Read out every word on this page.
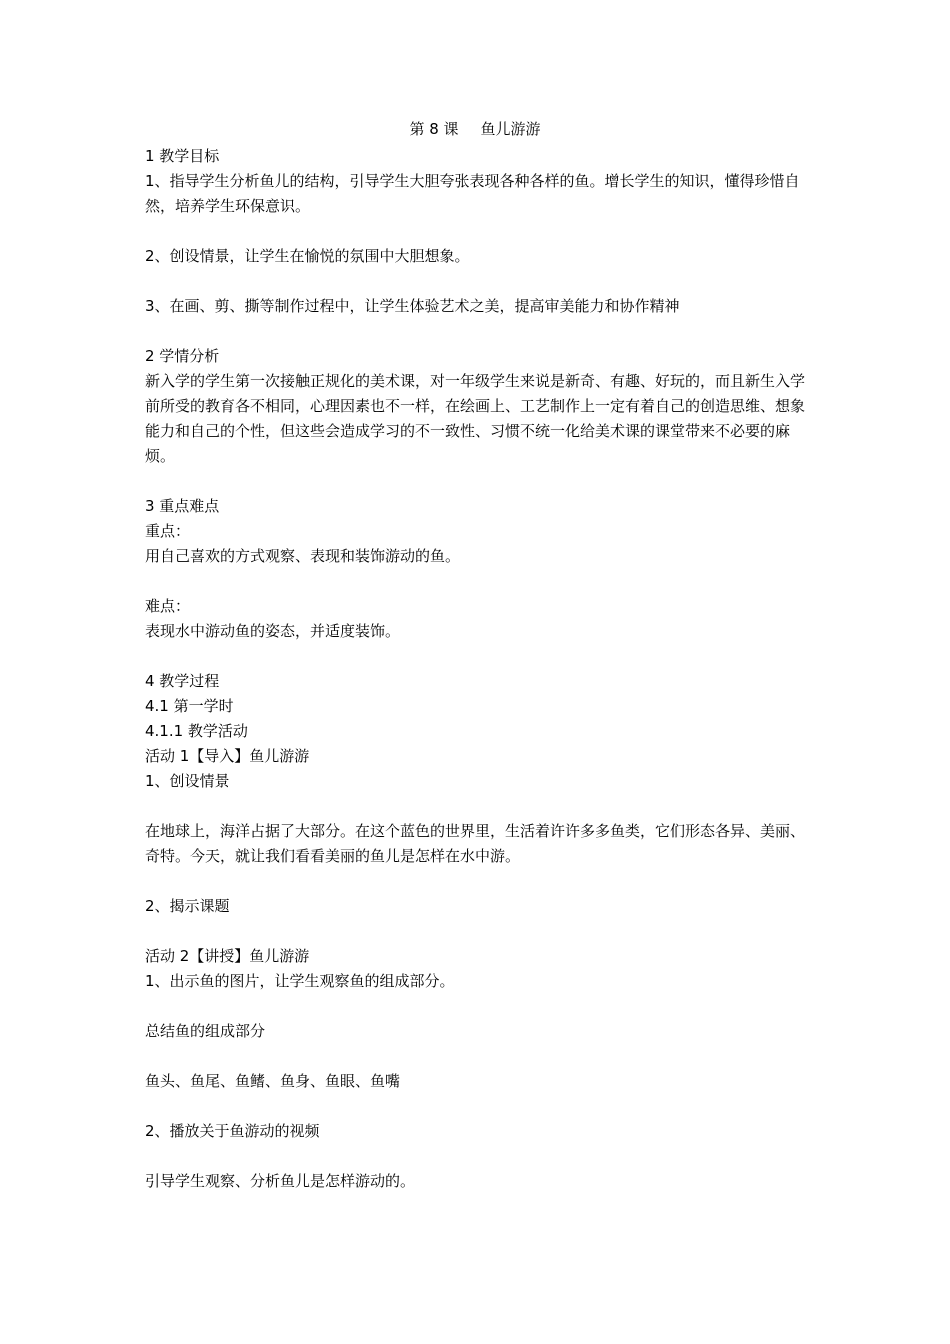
第 8 课 鱼儿游游

1 教学目标

1、指导学生分析鱼儿的结构，引导学生大胆夸张表现各种各样的鱼。增长学生的知识，懂得珍惜自然，培养学生环保意识。

2、创设情景，让学生在愉悦的氛围中大胆想象。

3、在画、剪、撕等制作过程中，让学生体验艺术之美，提高审美能力和协作精神

2 学情分析

新入学的学生第一次接触正规化的美术课，对一年级学生来说是新奇、有趣、好玩的，而且新生入学前所受的教育各不相同，心理因素也不一样，在绘画上、工艺制作上一定有着自己的创造思维、想象能力和自己的个性，但这些会造成学习的不一致性、习惯不统一化给美术课的课堂带来不必要的麻烦。

3 重点难点

重点：

用自己喜欢的方式观察、表现和装饰游动的鱼。

难点：

表现水中游动鱼的姿态，并适度装饰。

4 教学过程

4.1 第一学时

4.1.1 教学活动

活动 1【导入】鱼儿游游

1、创设情景

在地球上，海洋占据了大部分。在这个蓝色的世界里，生活着许许多多鱼类，它们形态各异、美丽、奇特。今天，就让我们看看美丽的鱼儿是怎样在水中游。

2、揭示课题

活动 2【讲授】鱼儿游游

1、出示鱼的图片，让学生观察鱼的组成部分。

总结鱼的组成部分

鱼头、鱼尾、鱼鳍、鱼身、鱼眼、鱼嘴

2、播放关于鱼游动的视频

引导学生观察、分析鱼儿是怎样游动的。
